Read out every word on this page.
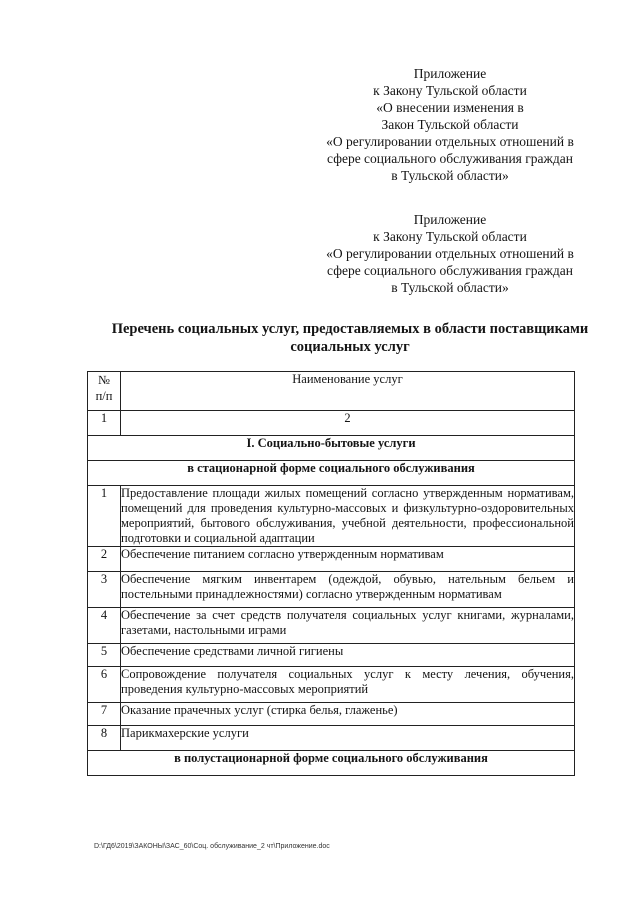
Приложение
к Закону Тульской области
«О внесении изменения в
Закон Тульской области
«О регулировании отдельных отношений в
сфере социального обслуживания граждан
в Тульской области»
Приложение
к Закону Тульской области
«О регулировании отдельных отношений в
сфере социального обслуживания граждан
в Тульской области»
Перечень социальных услуг, предоставляемых в области поставщиками
социальных услуг
№
п/п	Наименование услуг
1	2
I. Социально-бытовые услуги	
в стационарной форме социального обслуживания	
1	Предоставление площади жилых помещений согласно утвержденным нормативам, помещений для проведения культурно-массовых и физкультурно-оздоровительных мероприятий, бытового обслуживания, учебной деятельности, профессиональной подготовки и социальной адаптации
2	Обеспечение питанием согласно утвержденным нормативам
3	Обеспечение мягким инвентарем (одеждой, обувью, нательным бельем и постельными принадлежностями) согласно утвержденным нормативам
4	Обеспечение за счет средств получателя социальных услуг книгами, журналами, газетами, настольными играми
5	Обеспечение средствами личной гигиены
6	Сопровождение получателя социальных услуг к месту лечения, обучения, проведения культурно-массовых мероприятий
7	Оказание прачечных услуг (стирка белья, глаженье)
8	Парикмахерские услуги
в полустационарной форме социального обслуживания	
D:\ГД6\2019\ЗАКОНЫ\ЗАС_60\Соц. обслуживание_2 чт\Приложение.doc
